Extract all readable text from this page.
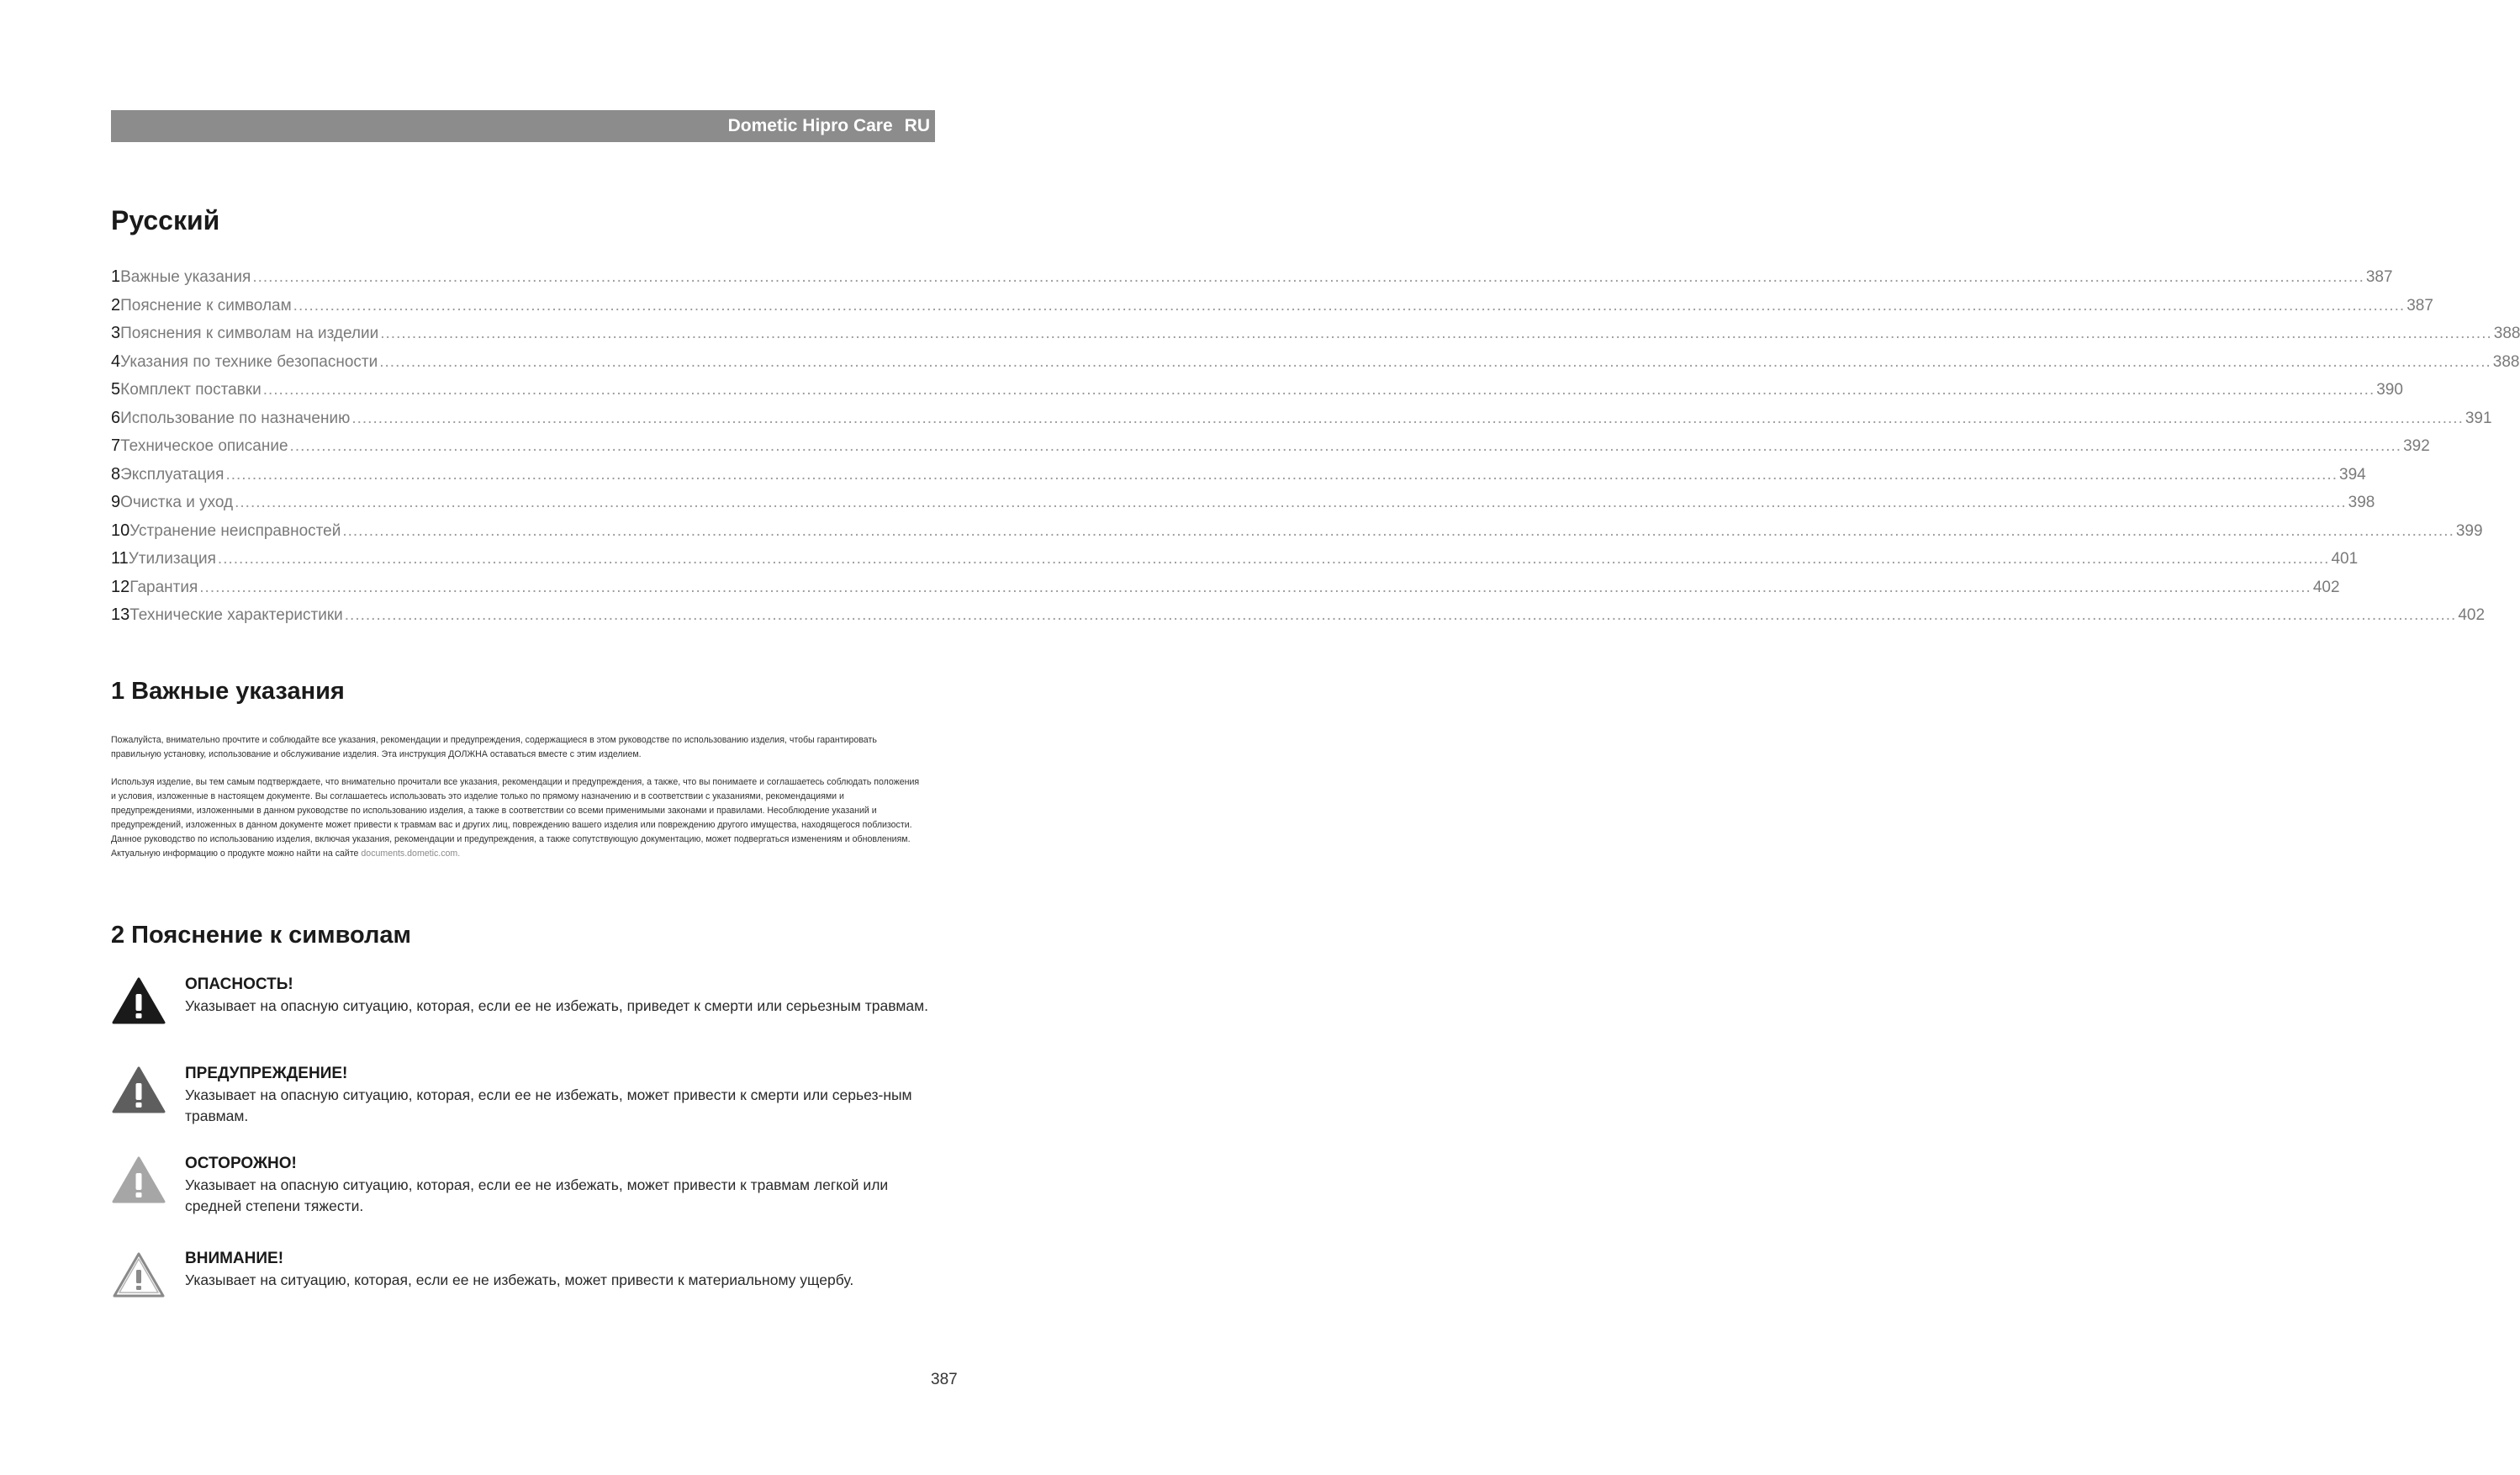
Dometic Hipro Care RU
Русский
1 Важные указания ................................................................................................................................................................................................................................................................................................................................................................................................................ 387
2 Пояснение к символам ................................................................................................................................................................................................................................................................................................................................................................................................................ 387
3 Пояснения к символам на изделии ................................................................................................................................................................................................................................................................................................................................................................................................................ 388
4 Указания по технике безопасности ................................................................................................................................................................................................................................................................................................................................................................................................................ 388
5 Комплект поставки ................................................................................................................................................................................................................................................................................................................................................................................................................ 390
6 Использование по назначению ................................................................................................................................................................................................................................................................................................................................................................................................................ 391
7 Техническое описание ................................................................................................................................................................................................................................................................................................................................................................................................................ 392
8 Эксплуатация ................................................................................................................................................................................................................................................................................................................................................................................................................ 394
9 Очистка и уход ................................................................................................................................................................................................................................................................................................................................................................................................................ 398
10 Устранение неисправностей ................................................................................................................................................................................................................................................................................................................................................................................................................ 399
11 Утилизация ................................................................................................................................................................................................................................................................................................................................................................................................................ 401
12 Гарантия ................................................................................................................................................................................................................................................................................................................................................................................................................ 402
13 Технические характеристики ................................................................................................................................................................................................................................................................................................................................................................................................................ 402
1 Важные указания

Пожалуйста, внимательно прочтите и соблюдайте все указания, рекомендации и предупреждения, содержащиеся в этом руководстве по использованию изделия, чтобы гарантировать правильную установку, использование и обслуживание изделия. Эта инструкция ДОЛЖНА оставаться вместе с этим изделием.

Используя изделие, вы тем самым подтверждаете, что внимательно прочитали все указания, рекомендации и предупреждения, а также, что вы понимаете и соглашаетесь соблюдать положения и условия, изложенные в настоящем документе. Вы соглашаетесь использовать это изделие только по прямому назначению и в соответствии с указаниями, рекомендациями и предупреждениями, изложенными в данном руководстве по использованию изделия, а также в соответствии со всеми применимыми законами и правилами. Несоблюдение указаний и предупреждений, изложенных в данном документе может привести к травмам вас и других лиц, повреждению вашего изделия или повреждению другого имущества, находящегося поблизости. Данное руководство по использованию изделия, включая указания, рекомендации и предупреждения, а также сопутствующую документацию, может подвергаться изменениям и обновлениям. Актуальную информацию о продукте можно найти на сайте documents.dometic.com.

2 Пояснение к символам

ОПАСНОСТЬ!

Указывает на опасную ситуацию, которая, если ее не избежать, приведет к смерти или серьезным травмам.

ПРЕДУПРЕЖДЕНИЕ!

Указывает на опасную ситуацию, которая, если ее не избежать, может привести к смерти или серьез-ным травмам.

ОСТОРОЖНО!

Указывает на опасную ситуацию, которая, если ее не избежать, может привести к травмам легкой или средней степени тяжести.

ВНИМАНИЕ!

Указывает на ситуацию, которая, если ее не избежать, может привести к материальному ущербу.

387
